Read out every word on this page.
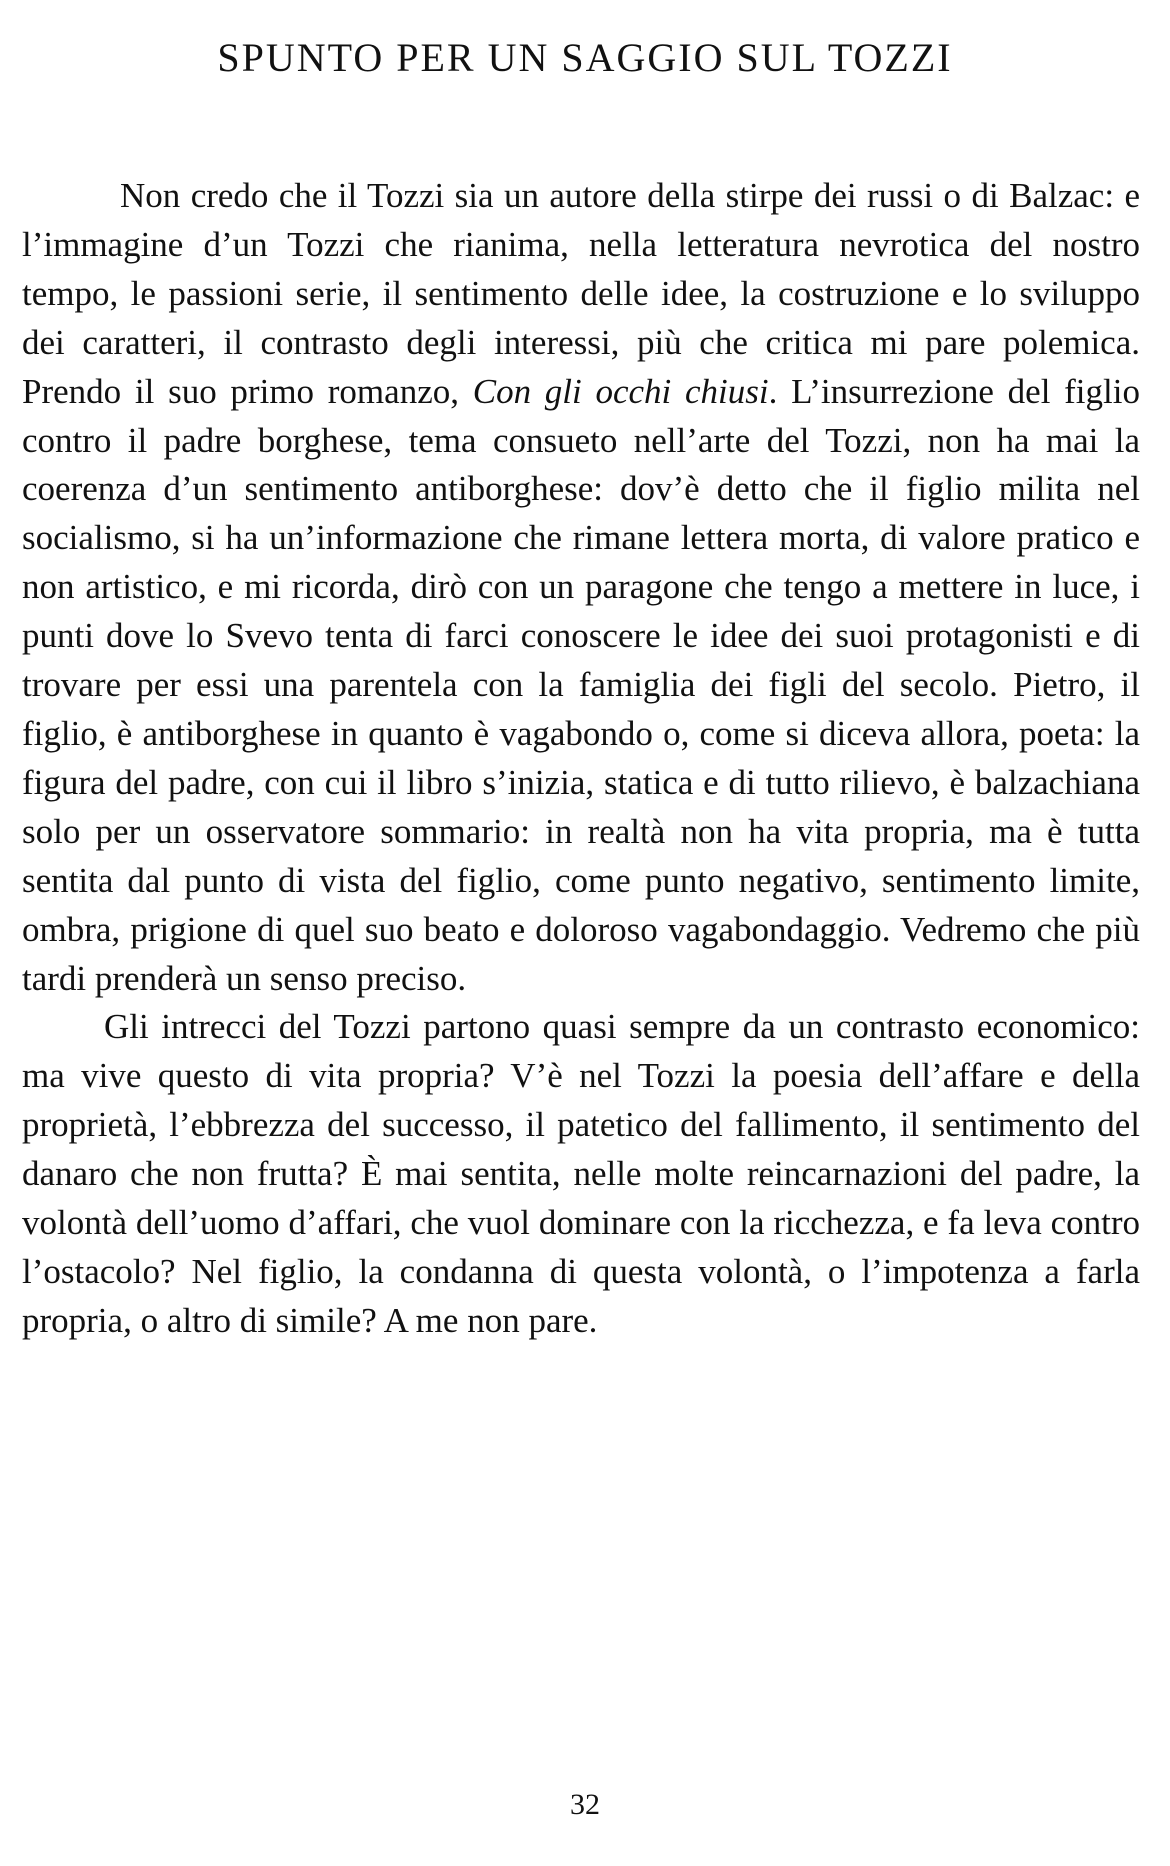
SPUNTO PER UN SAGGIO SUL TOZZI

Non credo che il Tozzi sia un autore della stirpe dei russi o di Balzac: e l’immagine d’un Tozzi che rianima, nella letteratura nevrotica del nostro tempo, le passioni serie, il sentimento delle idee, la costruzione e lo sviluppo dei caratteri, il contrasto degli interessi, più che critica mi pare polemica. Prendo il suo primo romanzo, Con gli occhi chiusi. L’insurrezione del figlio contro il padre borghese, tema consueto nell’arte del Tozzi, non ha mai la coerenza d’un sentimento antiborghese: dov’è detto che il figlio milita nel socialismo, si ha un’informazione che rimane lettera morta, di valore pratico e non artistico, e mi ricorda, dirò con un paragone che tengo a mettere in luce, i punti dove lo Svevo tenta di farci conoscere le idee dei suoi protagonisti e di trovare per essi una parentela con la famiglia dei figli del secolo. Pietro, il figlio, è antiborghese in quanto è vagabondo o, come si diceva allora, poeta: la figura del padre, con cui il libro s’inizia, statica e di tutto rilievo, è balzachiana solo per un osservatore sommario: in realtà non ha vita propria, ma è tutta sentita dal punto di vista del figlio, come punto negativo, sentimento limite, ombra, prigione di quel suo beato e doloroso vagabondaggio. Vedremo che più tardi prenderà un senso preciso.

Gli intrecci del Tozzi partono quasi sempre da un contrasto economico: ma vive questo di vita propria? V’è nel Tozzi la poesia dell’affare e della proprietà, l’ebbrezza del successo, il patetico del fallimento, il sentimento del danaro che non frutta? È mai sentita, nelle molte reincarnazioni del padre, la volontà dell’uomo d’affari, che vuol dominare con la ricchezza, e fa leva contro l’ostacolo? Nel figlio, la condanna di questa volontà, o l’impotenza a farla propria, o altro di simile? A me non pare.

32
